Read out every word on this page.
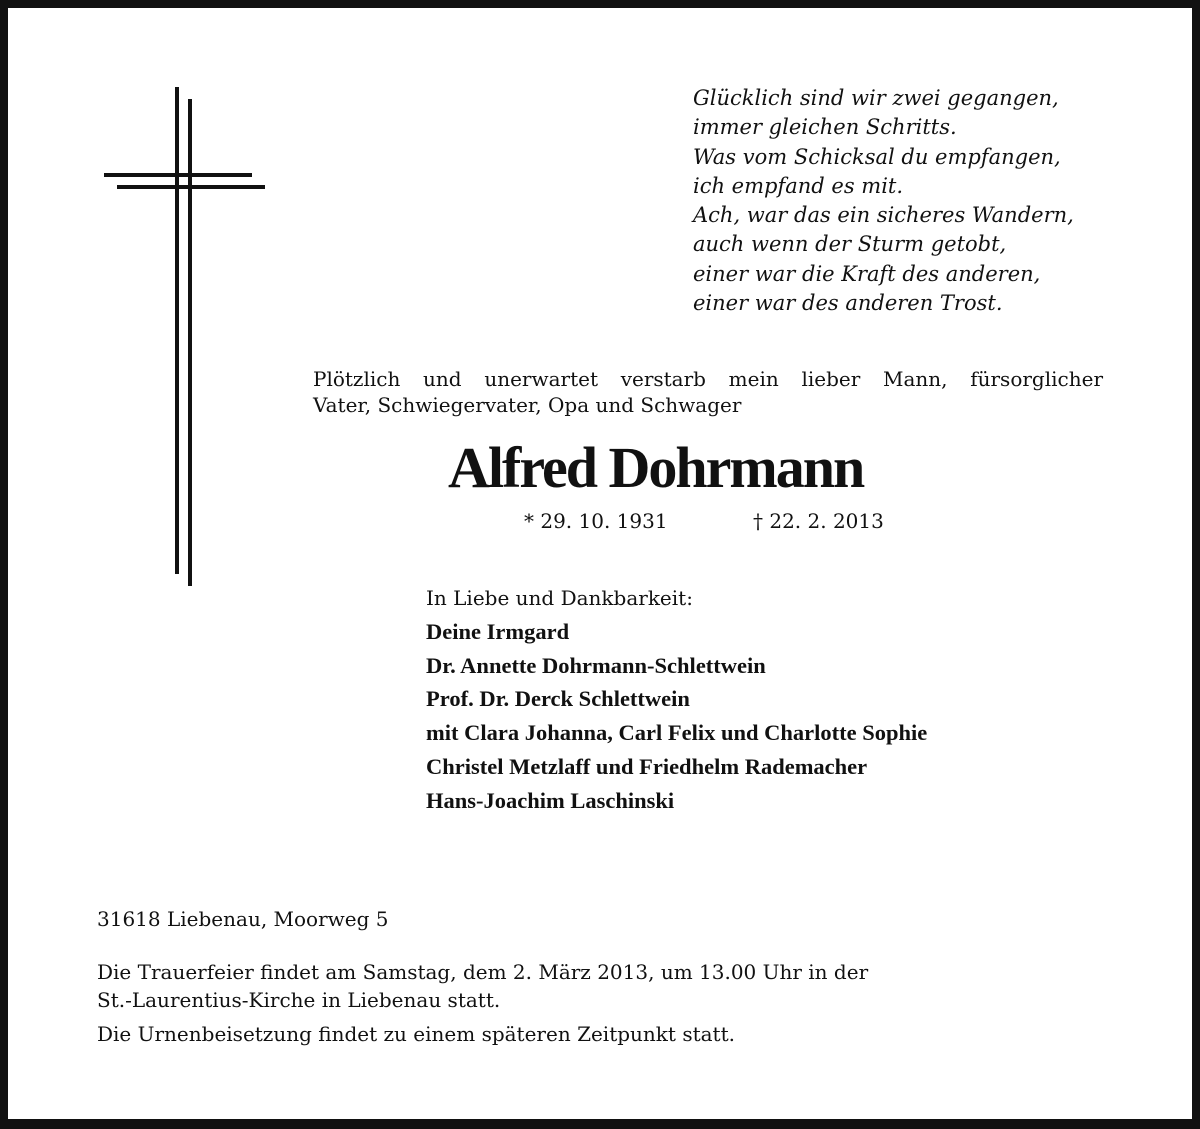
Glücklich sind wir zwei gegangen,
immer gleichen Schritts.
Was vom Schicksal du empfangen,
ich empfand es mit.
Ach, war das ein sicheres Wandern,
auch wenn der Sturm getobt,
einer war die Kraft des anderen,
einer war des anderen Trost.
Plötzlich und unerwartet verstarb mein lieber Mann, fürsorglicher
Vater, Schwiegervater, Opa und Schwager
Alfred Dohrmann
* 29. 10. 1931	† 22. 2. 2013
In Liebe und Dankbarkeit:
Deine Irmgard
Dr. Annette Dohrmann-Schlettwein
Prof. Dr. Derck Schlettwein
mit Clara Johanna, Carl Felix und Charlotte Sophie
Christel Metzlaff und Friedhelm Rademacher
Hans-Joachim Laschinski
31618 Liebenau, Moorweg 5
Die Trauerfeier findet am Samstag, dem 2. März 2013, um 13.00 Uhr in der
St.-Laurentius-Kirche in Liebenau statt.
Die Urnenbeisetzung findet zu einem späteren Zeitpunkt statt.
